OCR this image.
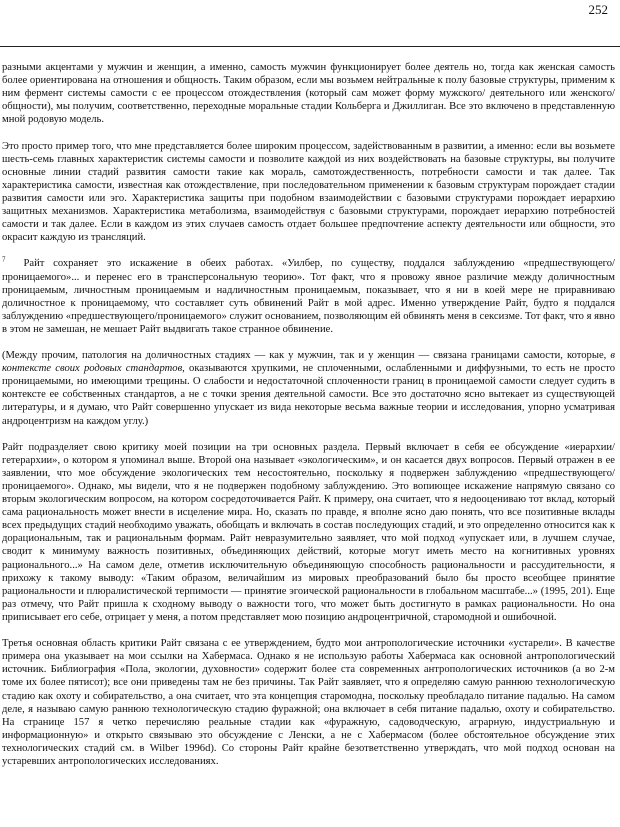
252

разными акцентами у мужчин и женщин, а именно, самость мужчин функционирует более деятель но, тогда как женская самость более ориентирована на отношения и общность. Таким образом, если мы возьмем нейтральные к полу базовые структуры, применим к ним фермент системы самости с ее процессом отождествления (который сам может форму мужского/ деятельного или женского/общности), мы получим, соответственно, переходные моральные стадии Кольберга и Джиллиган. Все это включено в представленную мной родовую модель.

Это просто пример того, что мне представляется более широким процессом, задействованным в развитии, а именно: если вы возьмете шесть-семь главных характеристик системы самости и позволите каждой из них воздействовать на базовые структуры, вы получите основные линии стадий развития самости такие как мораль, самотождественность, потребности самости и так далее. Так характеристика самости, известная как отождествление, при последовательном применении к базовым структурам порождает стадии развития самости или эго. Характеристика защиты при подобном взаимодействии с базовыми структурами порождает иерархию защитных механизмов. Характеристика метаболизма, взаимодействуя с базовыми структурами, порождает иерархию потребностей самости и так далее. Если в каждом из этих случаев самость отдает большее предпочтение аспекту деятельности или общности, это окрасит каждую из трансляций.

$^7$ Райт сохраняет это искажение в обеих работах. «Уилбер, по существу, поддался заблуждению «предшествующего/проницаемого»... и перенес его в трансперсональную теорию». Тот факт, что я провожу явное различие между доличностным проницаемым, личностным проницаемым и надличностным проницаемым, показывает, что я ни в коей мере не приравниваю доличностное к проницаемому, что составляет суть обвинений Райт в мой адрес. Именно утверждение Райт, будто я поддался заблуждению «предшествующего/проницаемого» служит основанием, позволяющим ей обвинять меня в сексизме. Тот факт, что я явно в этом не замешан, не мешает Райт выдвигать такое странное обвинение.

(Между прочим, патология на доличностных стадиях — как у мужчин, так и у женщин — связана границами самости, которые, в контексте своих родовых стандартов, оказываются хрупкими, не сплоченными, ослабленными и диффузными, то есть не просто проницаемыми, но имеющими трещины. О слабости и недостаточной сплоченности границ в проницаемой самости следует судить в контексте ее собственных стандартов, а не с точки зрения деятельной самости. Все это достаточно ясно вытекает из существующей литературы, и я думаю, что Райт совершенно упускает из вида некоторые весьма важные теории и исследования, упорно усматривая андроцентризм на каждом углу.)

Райт подразделяет свою критику моей позиции на три основных раздела. Первый включает в себя ее обсуждение «иерархии/гетерархии», о котором я упоминал выше. Второй она называет «экологическим», и он касается двух вопросов. Первый отражен в ее заявлении, что мое обсуждение экологических тем несостоятельно, поскольку я подвержен заблуждению «предшествующего/проницаемого». Однако, мы видели, что я не подвержен подобному заблуждению. Это вопиющее искажение напрямую связано со вторым экологическим вопросом, на котором сосредоточивается Райт. К примеру, она считает, что я недооцениваю тот вклад, который сама рациональность может внести в исцеление мира. Но, сказать по правде, я вполне ясно даю понять, что все позитивные вклады всех предыдущих стадий необходимо уважать, обобщать и включать в состав последующих стадий, и это определенно относится как к дорациональным, так и рациональным формам. Райт невразумительно заявляет, что мой подход «упускает или, в лучшем случае, сводит к минимуму важность позитивных, объединяющих действий, которые могут иметь место на когнитивных уровнях рационального...» На самом деле, отметив исключительную объединяющую способность рациональности и рассудительности, я прихожу к такому выводу: «Таким образом, величайшим из мировых преобразований было бы просто всеобщее принятие рациональности и плюралистической терпимости — принятие эгоической рациональности в глобальном масштабе...» (1995, 201). Еще раз отмечу, что Райт пришла к сходному выводу о важности того, что может быть достигнуто в рамках рациональности. Но она приписывает его себе, отрицает у меня, а потом представляет мою позицию андроцентричной, старомодной и ошибочной.

Третья основная область критики Райт связана с ее утверждением, будто мои антропологические источники «устарели». В качестве примера она указывает на мои ссылки на Хабермаса. Однако я не использую работы Хабермаса как основной антропологический источник. Библиография «Пола, экологии, духовности» содержит более ста современных антропологических источников (а во 2-м томе их более пятисот); все они приведены там не без причины. Так Райт заявляет, что я определяю самую раннюю технологическую стадию как охоту и собирательство, а она считает, что эта концепция старомодна, поскольку преобладало питание падалью. На самом деле, я называю самую раннюю технологическую стадию фуражной; она включает в себя питание падалью, охоту и собирательство. На странице 157 я четко перечисляю реальные стадии как «фуражную, садоводческую, аграрную, индустриальную и информационную» и открыто связываю это обсуждение с Ленски, а не с Хабермасом (более обстоятельное обсуждение этих технологических стадий см. в Wilber 1996d). Со стороны Райт крайне безответственно утверждать, что мой подход основан на устаревших антропологических исследованиях.
